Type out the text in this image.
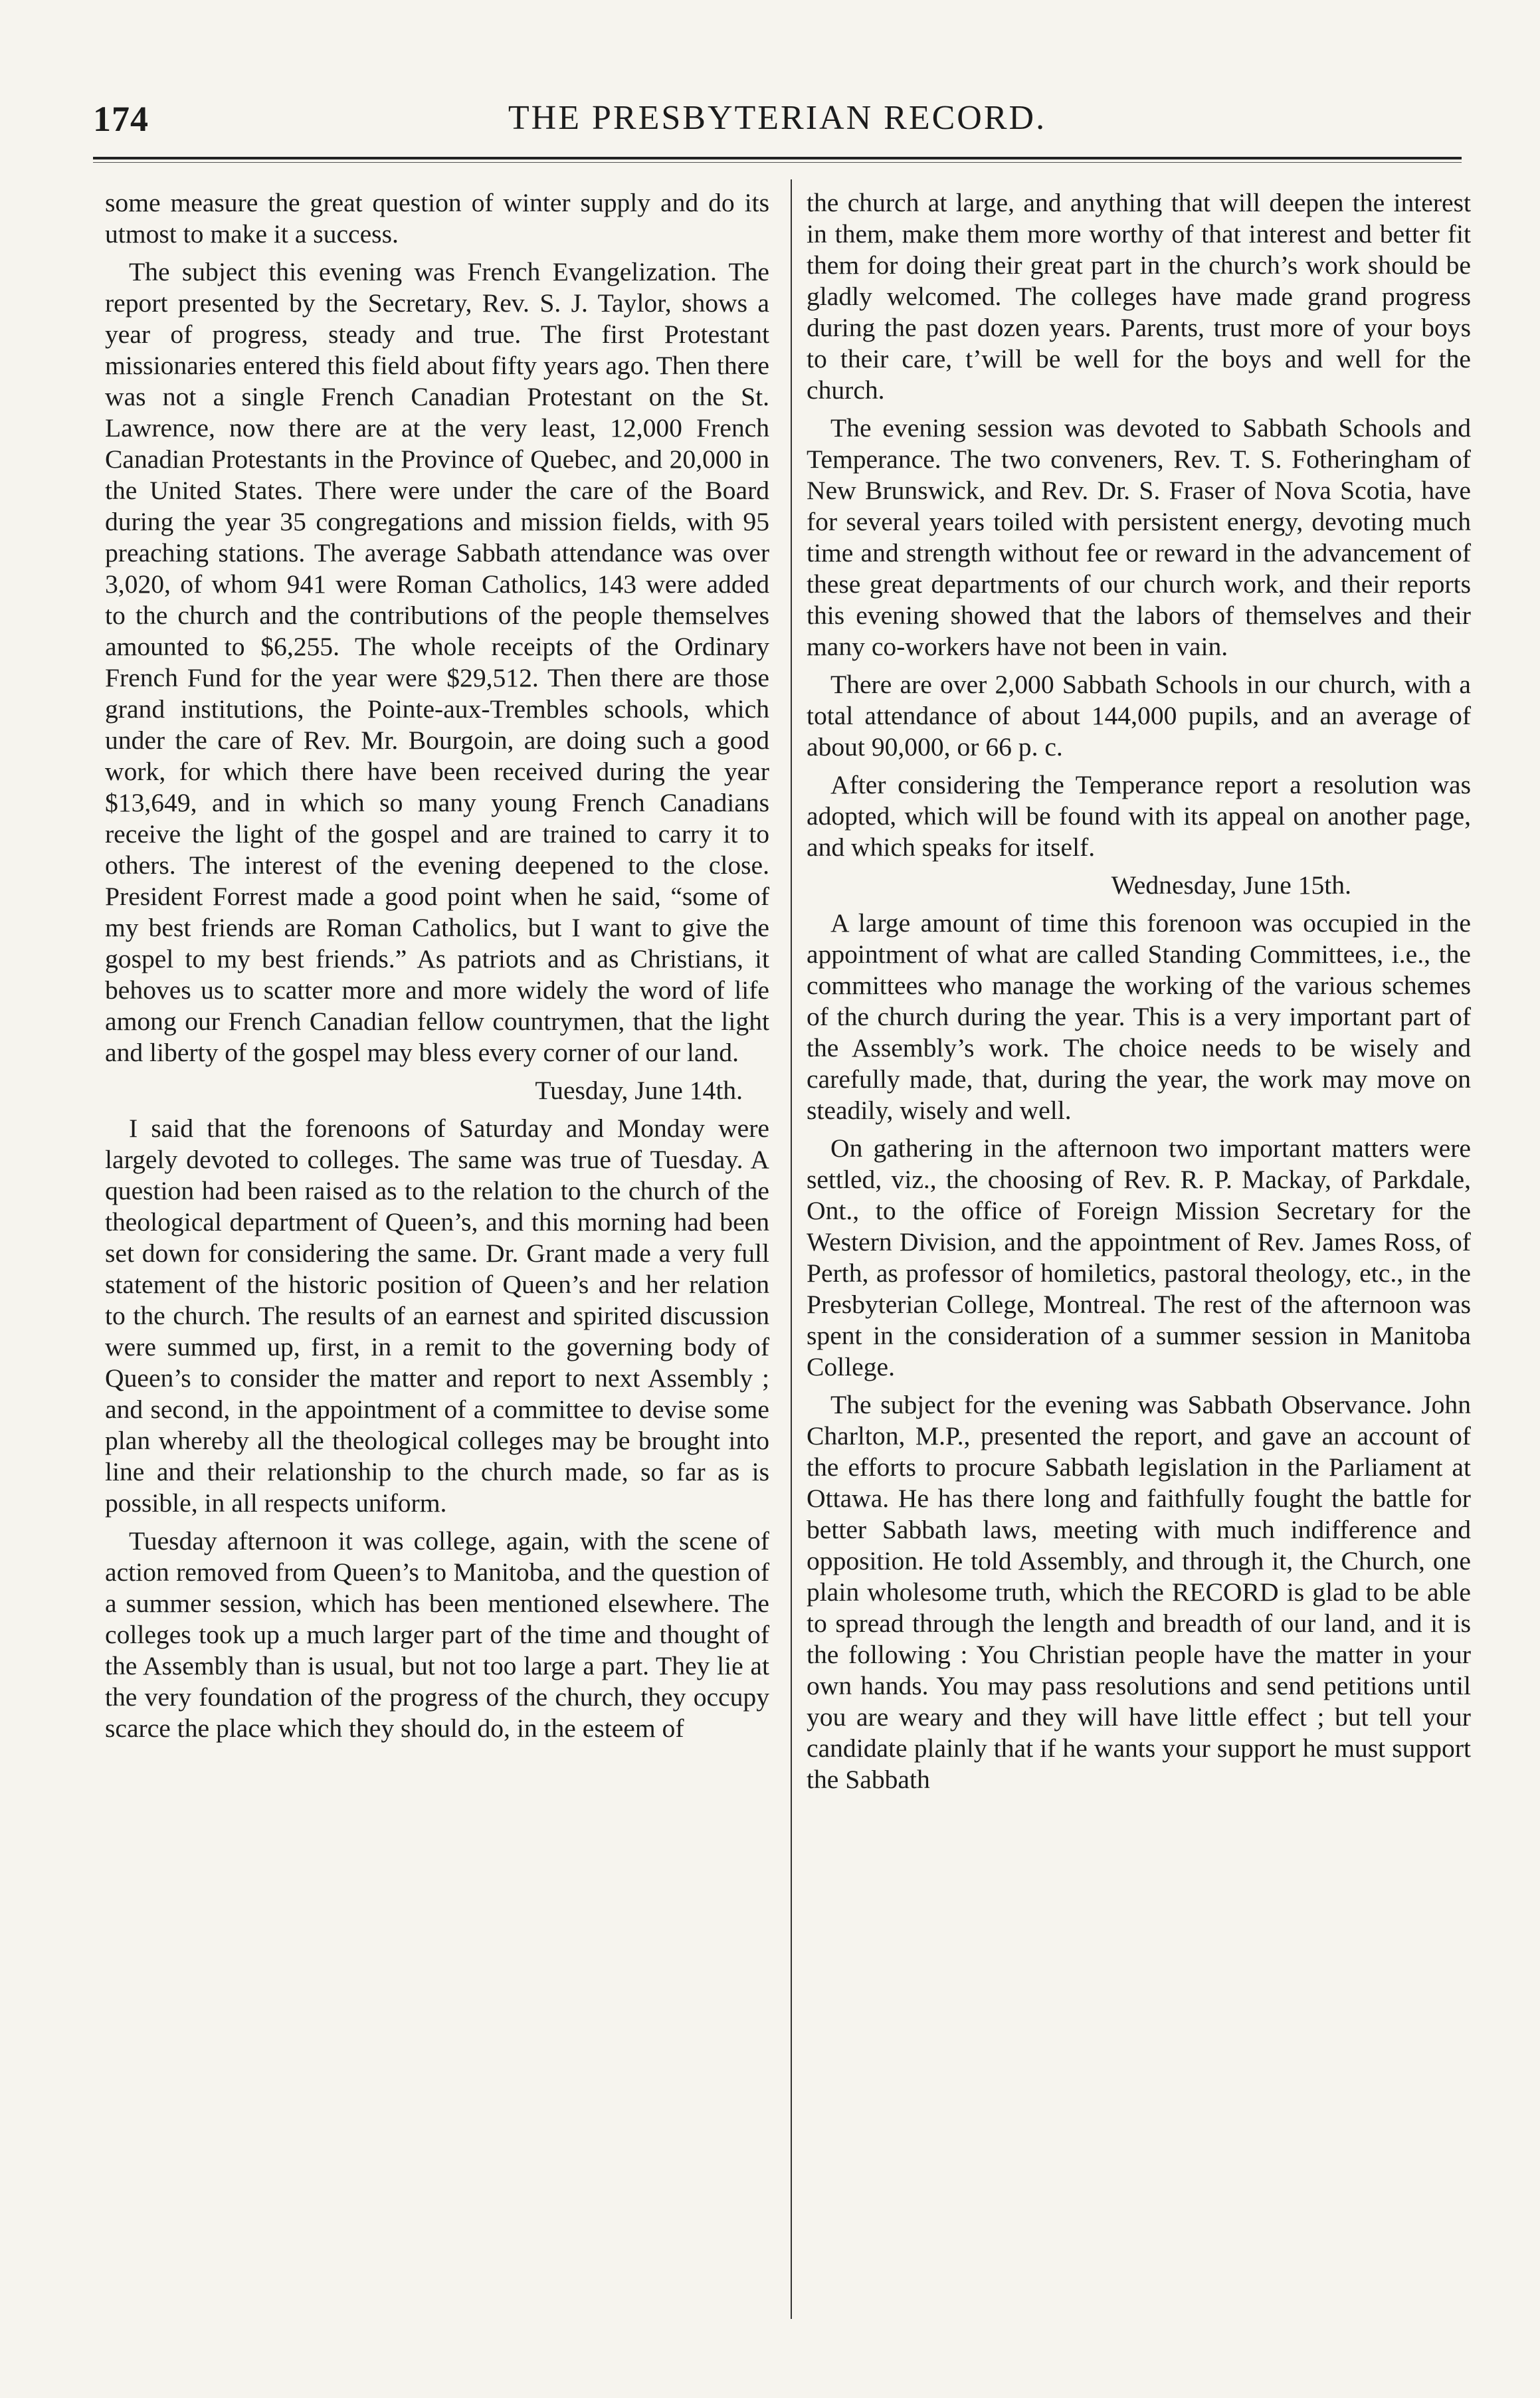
174	THE PRESBYTERIAN RECORD.

some measure the great question of winter supply and do its utmost to make it a success.

The subject this evening was French Evangelization. The report presented by the Secretary, Rev. S. J. Taylor, shows a year of progress, steady and true. The first Protestant missionaries entered this field about fifty years ago. Then there was not a single French Canadian Protestant on the St. Lawrence, now there are at the very least, 12,000 French Canadian Protestants in the Province of Quebec, and 20,000 in the United States. There were under the care of the Board during the year 35 congregations and mission fields, with 95 preaching stations. The average Sabbath attendance was over 3,020, of whom 941 were Roman Catholics, 143 were added to the church and the contributions of the people themselves amounted to $6,255. The whole receipts of the Ordinary French Fund for the year were $29,512. Then there are those grand institutions, the Pointe-aux-Trembles schools, which under the care of Rev. Mr. Bourgoin, are doing such a good work, for which there have been received during the year $13,649, and in which so many young French Canadians receive the light of the gospel and are trained to carry it to others. The interest of the evening deepened to the close. President Forrest made a good point when he said, “some of my best friends are Roman Catholics, but I want to give the gospel to my best friends.” As patriots and as Christians, it behoves us to scatter more and more widely the word of life among our French Canadian fellow countrymen, that the light and liberty of the gospel may bless every corner of our land.

Tuesday, June 14th.

I said that the forenoons of Saturday and Monday were largely devoted to colleges. The same was true of Tuesday. A question had been raised as to the relation to the church of the theological department of Queen’s, and this morning had been set down for considering the same. Dr. Grant made a very full statement of the historic position of Queen’s and her relation to the church. The results of an earnest and spirited discussion were summed up, first, in a remit to the governing body of Queen’s to consider the matter and report to next Assembly ; and second, in the appointment of a committee to devise some plan whereby all the theological colleges may be brought into line and their relationship to the church made, so far as is possible, in all respects uniform.

Tuesday afternoon it was college, again, with the scene of action removed from Queen’s to Manitoba, and the question of a summer session, which has been mentioned elsewhere. The colleges took up a much larger part of the time and thought of the Assembly than is usual, but not too large a part. They lie at the very foundation of the progress of the church, they occupy scarce the place which they should do, in the esteem of

the church at large, and anything that will deepen the interest in them, make them more worthy of that interest and better fit them for doing their great part in the church’s work should be gladly welcomed. The colleges have made grand progress during the past dozen years. Parents, trust more of your boys to their care, t’will be well for the boys and well for the church.

The evening session was devoted to Sabbath Schools and Temperance. The two conveners, Rev. T. S. Fotheringham of New Brunswick, and Rev. Dr. S. Fraser of Nova Scotia, have for several years toiled with persistent energy, devoting much time and strength without fee or reward in the advancement of these great departments of our church work, and their reports this evening showed that the labors of themselves and their many co-workers have not been in vain.

There are over 2,000 Sabbath Schools in our church, with a total attendance of about 144,000 pupils, and an average of about 90,000, or 66 p. c.

After considering the Temperance report a resolution was adopted, which will be found with its appeal on another page, and which speaks for itself.

Wednesday, June 15th.

A large amount of time this forenoon was occupied in the appointment of what are called Standing Committees, i.e., the committees who manage the working of the various schemes of the church during the year. This is a very important part of the Assembly’s work. The choice needs to be wisely and carefully made, that, during the year, the work may move on steadily, wisely and well.

On gathering in the afternoon two important matters were settled, viz., the choosing of Rev. R. P. Mackay, of Parkdale, Ont., to the office of Foreign Mission Secretary for the Western Division, and the appointment of Rev. James Ross, of Perth, as professor of homiletics, pastoral theology, etc., in the Presbyterian College, Montreal. The rest of the afternoon was spent in the consideration of a summer session in Manitoba College.

The subject for the evening was Sabbath Observance. John Charlton, M.P., presented the report, and gave an account of the efforts to procure Sabbath legislation in the Parliament at Ottawa. He has there long and faithfully fought the battle for better Sabbath laws, meeting with much indifference and opposition. He told Assembly, and through it, the Church, one plain wholesome truth, which the RECORD is glad to be able to spread through the length and breadth of our land, and it is the following : You Christian people have the matter in your own hands. You may pass resolutions and send petitions until you are weary and they will have little effect ; but tell your candidate plainly that if he wants your support he must support the Sabbath
